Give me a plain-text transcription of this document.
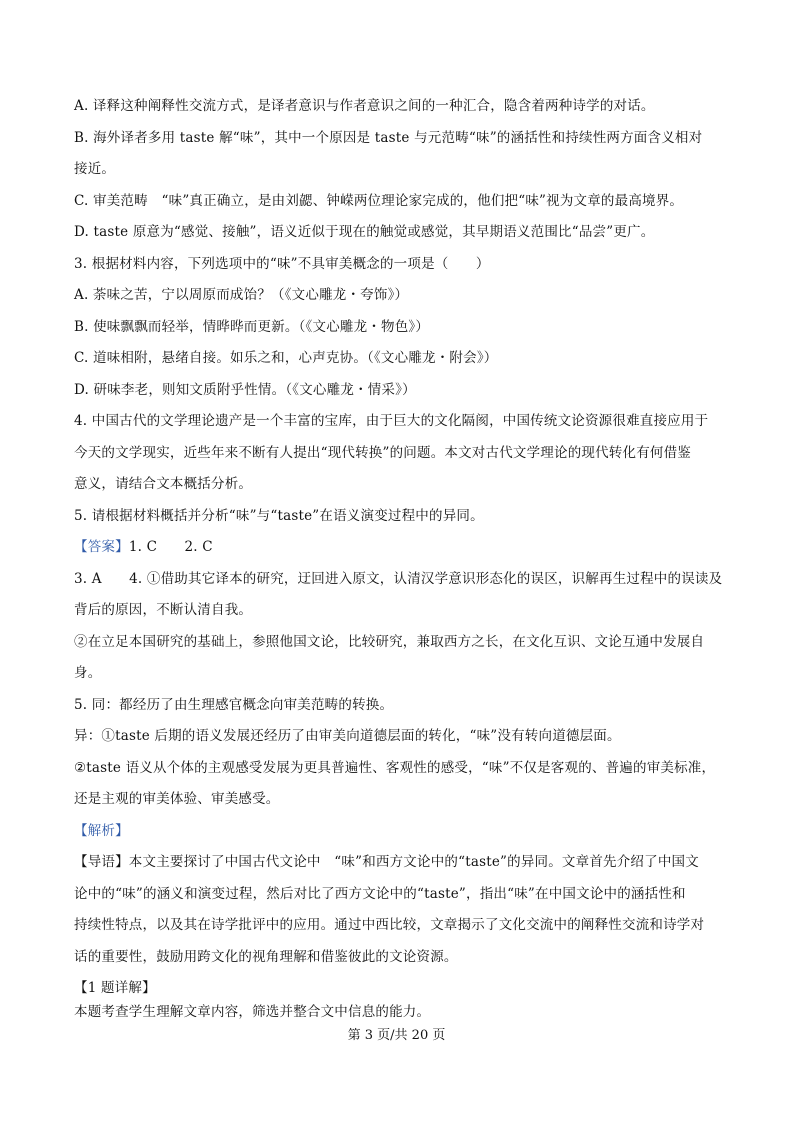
A. 译释这种阐释性交流方式，是译者意识与作者意识之间的一种汇合，隐含着两种诗学的对话。
B. 海外译者多用 taste 解“味”，其中一个原因是 taste 与元范畴“味”的涵括性和持续性两方面含义相对
接近。
C. 审美范畴　“味”真正确立，是由刘勰、钟嵘两位理论家完成的，他们把“味”视为文章的最高境界。
D. taste 原意为“感觉、接触”，语义近似于现在的触觉或感觉，其早期语义范围比“品尝”更广。
3. 根据材料内容，下列选项中的“味”不具审美概念的一项是（　　）
A. 荼味之苦，宁以周原而成饴？（《文心雕龙・夸饰》）
B. 使味飘飘而轻举，情晔晔而更新。（《文心雕龙・物色》）
C. 道味相附，悬绪自接。如乐之和，心声克协。（《文心雕龙・附会》）
D. 研味李老，则知文质附乎性情。（《文心雕龙・情采》）
4. 中国古代的文学理论遗产是一个丰富的宝库，由于巨大的文化隔阂，中国传统文论资源很难直接应用于
今天的文学现实，近些年来不断有人提出“现代转换”的问题。本文对古代文学理论的现代转化有何借鉴
意义，请结合文本概括分析。
5. 请根据材料概括并分析“味”与“taste”在语义演变过程中的异同。
【答案】1. C　　2. C
3. A　　4. ①借助其它译本的研究，迂回进入原文，认清汉学意识形态化的误区，识解再生过程中的误读及
背后的原因，不断认清自我。
②在立足本国研究的基础上，参照他国文论，比较研究，兼取西方之长，在文化互识、文论互通中发展自
身。
5. 同：都经历了由生理感官概念向审美范畴的转换。
异：①taste 后期的语义发展还经历了由审美向道德层面的转化，“味”没有转向道德层面。
②taste 语义从个体的主观感受发展为更具普遍性、客观性的感受，“味”不仅是客观的、普遍的审美标准，
还是主观的审美体验、审美感受。
【解析】
【导语】本文主要探讨了中国古代文论中　“味”和西方文论中的“taste”的异同。文章首先介绍了中国文
论中的“味”的涵义和演变过程，然后对比了西方文论中的“taste”，指出“味”在中国文论中的涵括性和
持续性特点，以及其在诗学批评中的应用。通过中西比较，文章揭示了文化交流中的阐释性交流和诗学对
话的重要性，鼓励用跨文化的视角理解和借鉴彼此的文论资源。
【1 题详解】
本题考查学生理解文章内容，筛选并整合文中信息的能力。
第 3 页/共 20 页
